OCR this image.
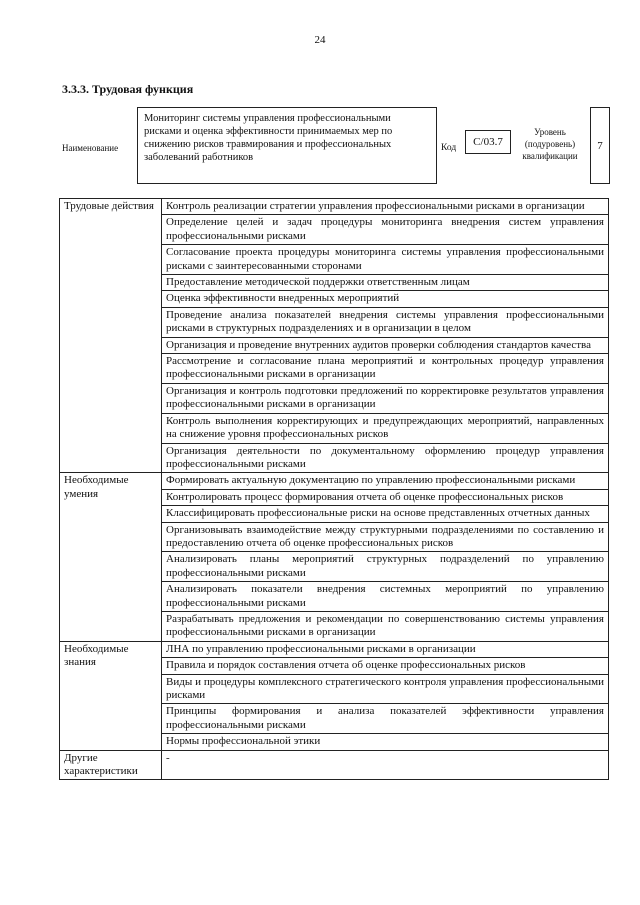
24
3.3.3. Трудовая функция
Наименование
Мониторинг системы управления профессиональными рисками и оценка эффективности принимаемых мер по снижению рисков травмирования и профессиональных заболеваний работников
Код	C/03.7
Уровень (подуровень) квалификации
7
Трудовые действия	Контроль реализации стратегии управления профессиональными рисками в организации
	Определение целей и задач процедуры мониторинга внедрения систем управления профессиональными рисками
	Согласование проекта процедуры мониторинга системы управления профессиональными рисками с заинтересованными сторонами
	Предоставление методической поддержки ответственным лицам
	Оценка эффективности внедренных мероприятий
	Проведение анализа показателей внедрения системы управления профессиональными рисками в структурных подразделениях и в организации в целом
	Организация и проведение внутренних аудитов проверки соблюдения стандартов качества
	Рассмотрение и согласование плана мероприятий и контрольных процедур управления профессиональными рисками в организации
	Организация и контроль подготовки предложений по корректировке результатов управления профессиональными рисками в организации
	Контроль выполнения корректирующих и предупреждающих мероприятий, направленных на снижение уровня профессиональных рисков
	Организация деятельности по документальному оформлению процедур управления профессиональными рисками
Необходимые умения	Формировать актуальную документацию по управлению профессиональными рисками
	Контролировать процесс формирования отчета об оценке профессиональных рисков
	Классифицировать профессиональные риски на основе представленных отчетных данных
	Организовывать взаимодействие между структурными подразделениями по составлению и предоставлению отчета об оценке профессиональных рисков
	Анализировать планы мероприятий структурных подразделений по управлению профессиональными рисками
	Анализировать показатели внедрения системных мероприятий по управлению профессиональными рисками
	Разрабатывать предложения и рекомендации по совершенствованию системы управления профессиональными рисками в организации
Необходимые знания	ЛНА по управлению профессиональными рисками в организации
	Правила и порядок составления отчета об оценке профессиональных рисков
	Виды и процедуры комплексного стратегического контроля управления профессиональными рисками
	Принципы формирования и анализа показателей эффективности управления профессиональными рисками
	Нормы профессиональной этики
Другие характеристики	-
